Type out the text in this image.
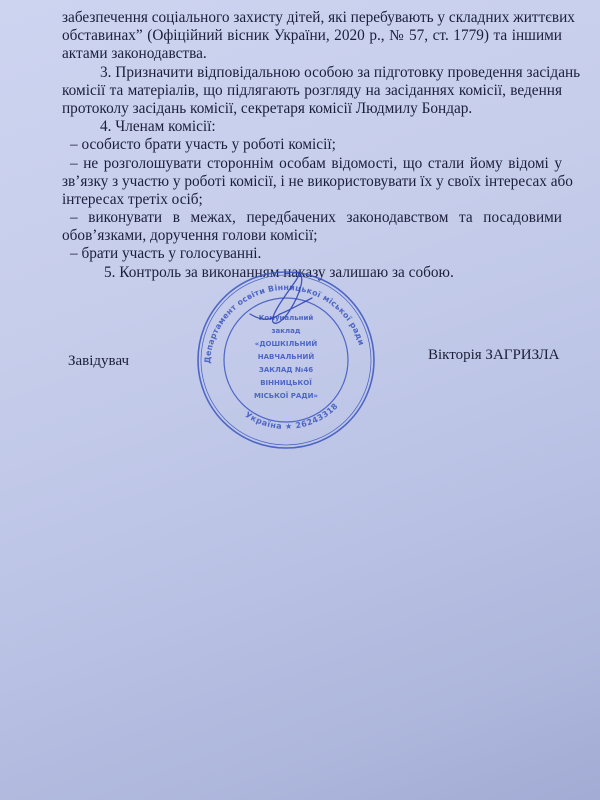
забезпечення соціального захисту дітей, які перебувають у складних життєвих

обставинах” (Офіційний вісник України, 2020 р., № 57, ст. 1779) та іншими

актами законодавства.

3. Призначити відповідальною особою за підготовку проведення засідань

комісії та матеріалів, що підлягають розгляду на засіданнях комісії, ведення

протоколу засідань комісії, секретаря комісії Людмилу Бондар.

4. Членам комісії:

– особисто брати участь у роботі комісії;

– не розголошувати стороннім особам відомості, що стали йому відомі у

зв’язку з участю у роботі комісії, і не використовувати їх у своїх інтересах або

інтересах третіх осіб;

– виконувати в межах, передбачених законодавством та посадовими

обов’язками, доручення голови комісії;

– брати участь у голосуванні.

5. Контроль за виконанням наказу залишаю за собою.

Завідувач	Вікторія ЗАГРИЗЛА
Департамент освіти Вінницької міської ради
Україна ★ 26243318
Комунальний
заклад
«ДОШКІЛЬНИЙ
НАВЧАЛЬНИЙ
ЗАКЛАД №46
ВІННИЦЬКОЇ
МІСЬКОЇ РАДИ»
